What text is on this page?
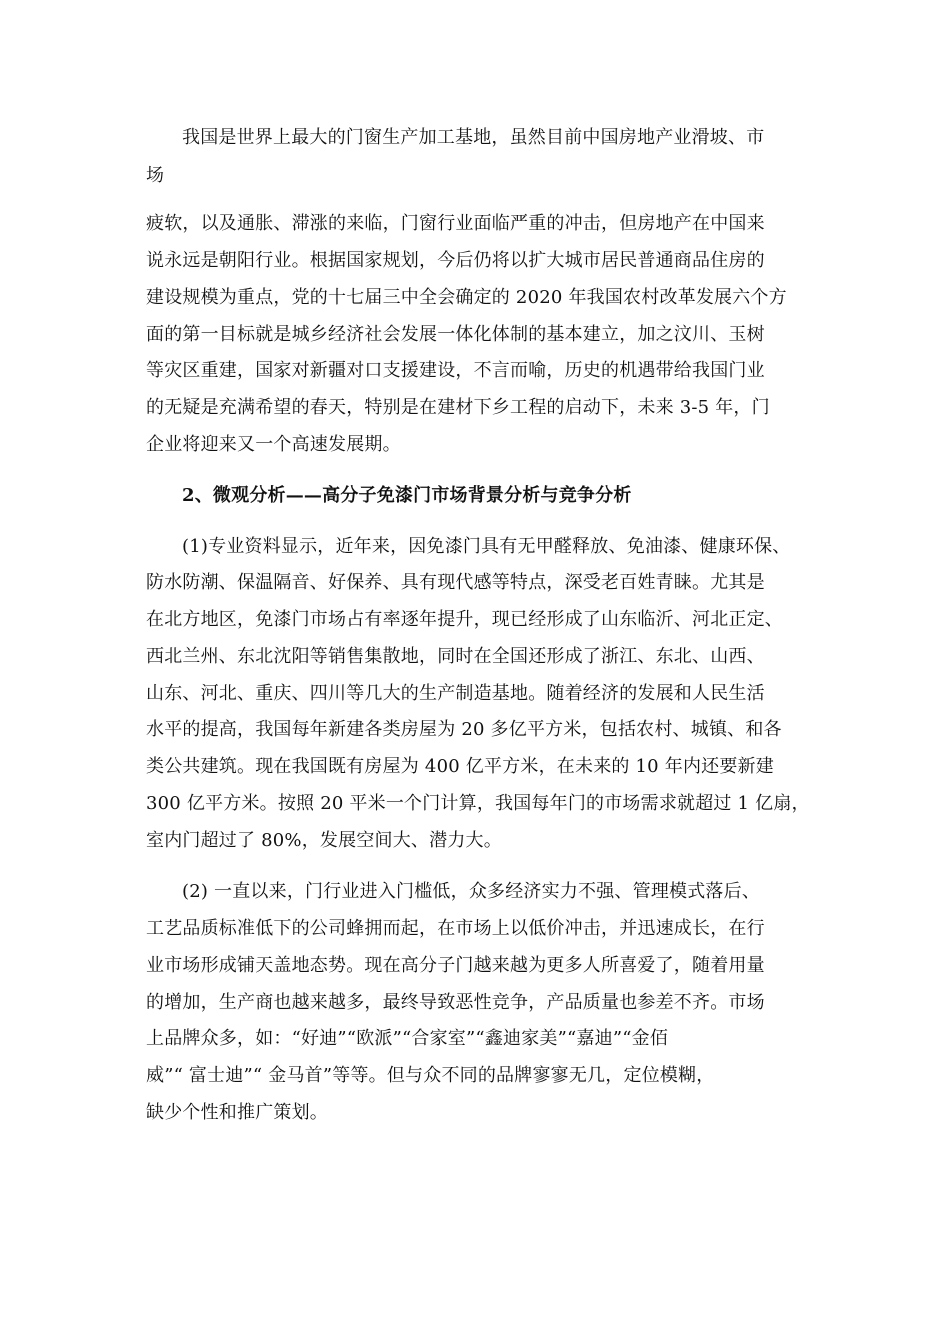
我国是世界上最大的门窗生产加工基地，虽然目前中国房地产业滑坡、市
场
疲软，以及通胀、滞涨的来临，门窗行业面临严重的冲击，但房地产在中国来
说永远是朝阳行业。根据国家规划，今后仍将以扩大城市居民普通商品住房的
建设规模为重点，党的十七届三中全会确定的 2020 年我国农村改革发展六个方
面的第一目标就是城乡经济社会发展一体化体制的基本建立，加之汶川、玉树
等灾区重建，国家对新疆对口支援建设，不言而喻，历史的机遇带给我国门业
的无疑是充满希望的春天，特别是在建材下乡工程的启动下，未来 3-5 年，门
企业将迎来又一个高速发展期。
2、微观分析——高分子免漆门市场背景分析与竞争分析
(1)专业资料显示，近年来，因免漆门具有无甲醛释放、免油漆、健康环保、
防水防潮、保温隔音、好保养、具有现代感等特点，深受老百姓青睐。尤其是
在北方地区，免漆门市场占有率逐年提升，现已经形成了山东临沂、河北正定、
西北兰州、东北沈阳等销售集散地，同时在全国还形成了浙江、东北、山西、
山东、河北、重庆、四川等几大的生产制造基地。随着经济的发展和人民生活
水平的提高，我国每年新建各类房屋为 20 多亿平方米，包括农村、城镇、和各
类公共建筑。现在我国既有房屋为 400 亿平方米，在未来的 10 年内还要新建
300 亿平方米。按照 20 平米一个门计算，我国每年门的市场需求就超过 1 亿扇，
室内门超过了 80%，发展空间大、潜力大。
(2) 一直以来，门行业进入门槛低，众多经济实力不强、管理模式落后、
工艺品质标准低下的公司蜂拥而起，在市场上以低价冲击，并迅速成长，在行
业市场形成铺天盖地态势。现在高分子门越来越为更多人所喜爱了，随着用量
的增加，生产商也越来越多，最终导致恶性竞争，产品质量也参差不齐。市场
上品牌众多，如：“好迪”“欧派”“合家室”“鑫迪家美”“嘉迪”“金佰
威”“ 富士迪”“ 金马首”等等。但与众不同的品牌寥寥无几，定位模糊，
缺少个性和推广策划。
